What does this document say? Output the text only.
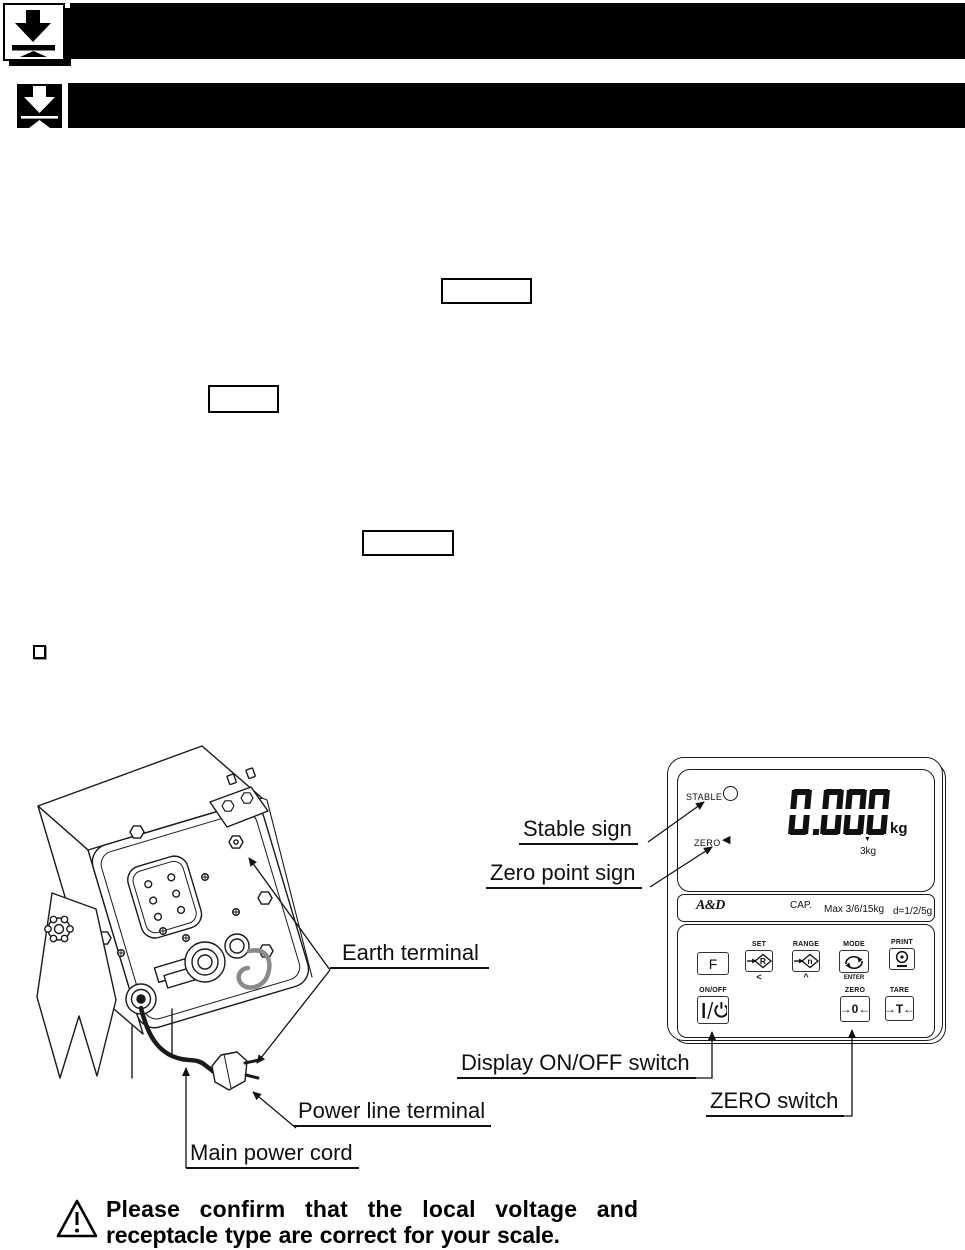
STABLE
ZERO ◀
kg
▼
3kg
A&D	CAP. Max 3/6/15kg d=1/2/5g
F
SET
R
<
RANGE
n
^
MODE
ENTER
PRINT
ON/OFF	ZERO
→0←
TARE
→T←
Stable sign
Zero point sign
Earth terminal
Display ON/OFF switch
ZERO switch
Power line terminal
Main power cord
Please confirm that the local voltage and
receptacle type are correct for your scale.
